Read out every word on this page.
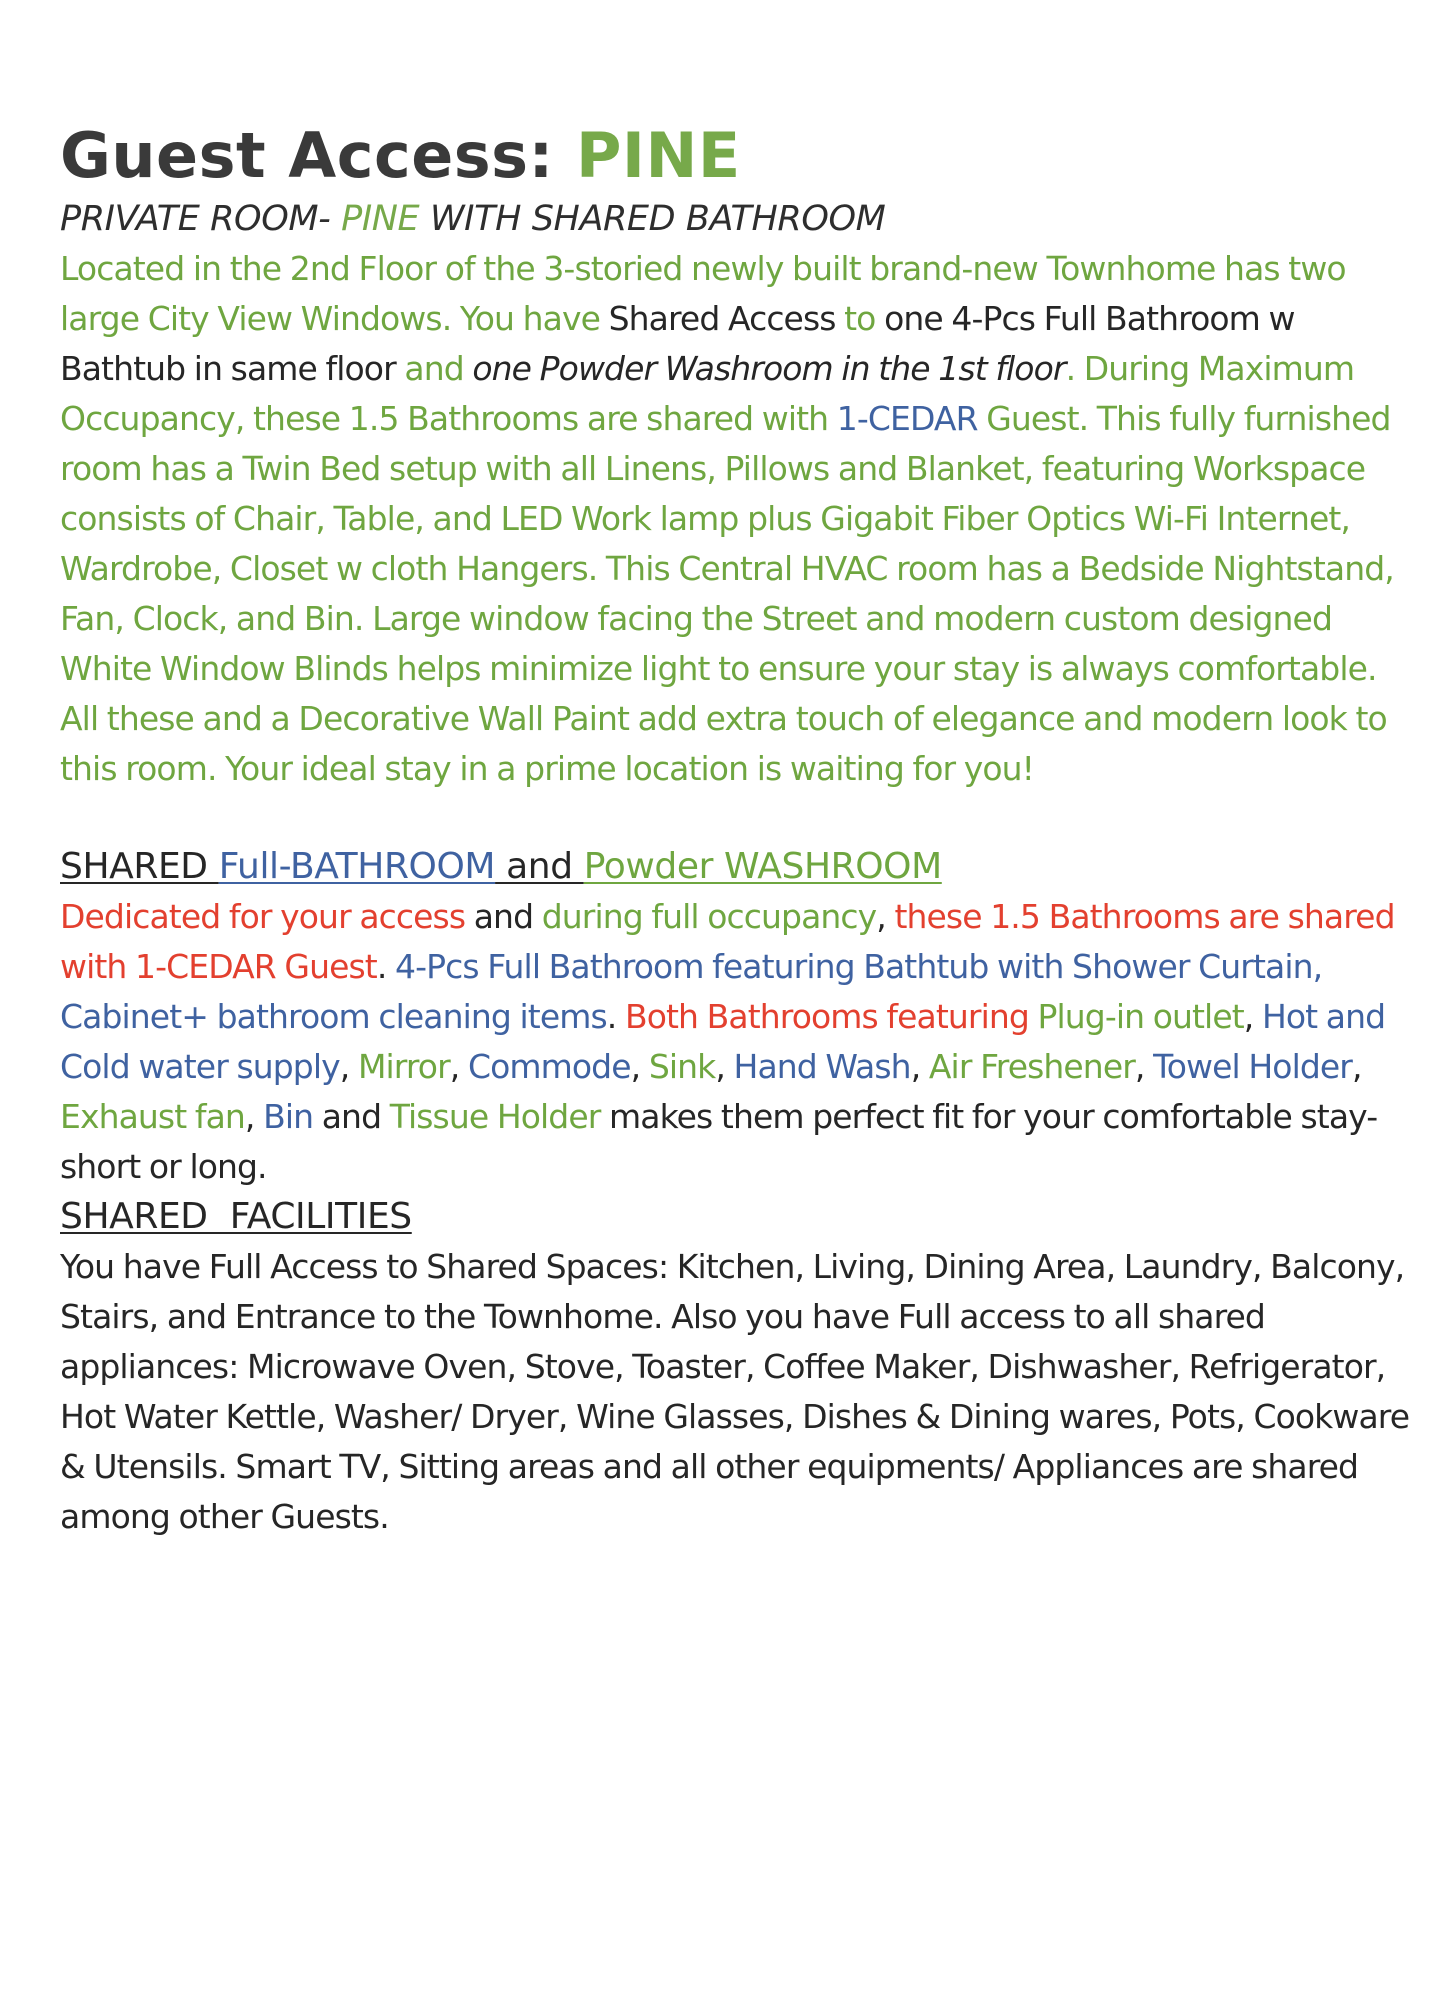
Guest Access: PINE

PRIVATE ROOM- PINE WITH SHARED BATHROOM

Located in the 2nd Floor of the 3-storied newly built brand-new Townhome has two large City View Windows. You have Shared Access to one 4-Pcs Full Bathroom w Bathtub in same floor and one Powder Washroom in the 1st floor. During Maximum Occupancy, these 1.5 Bathrooms are shared with 1-CEDAR Guest. This fully furnished room has a Twin Bed setup with all Linens, Pillows and Blanket, featuring Workspace consists of Chair, Table, and LED Work lamp plus Gigabit Fiber Optics Wi-Fi Internet, Wardrobe, Closet w cloth Hangers. This Central HVAC room has a Bedside Nightstand, Fan, Clock, and Bin. Large window facing the Street and modern custom designed White Window Blinds helps minimize light to ensure your stay is always comfortable. All these and a Decorative Wall Paint add extra touch of elegance and modern look to this room. Your ideal stay in a prime location is waiting for you!

SHARED Full-BATHROOM and Powder WASHROOM

Dedicated for your access and during full occupancy, these 1.5 Bathrooms are shared with 1-CEDAR Guest. 4-Pcs Full Bathroom featuring Bathtub with Shower Curtain, Cabinet+ bathroom cleaning items. Both Bathrooms featuring Plug-in outlet, Hot and Cold water supply, Mirror, Commode, Sink, Hand Wash, Air Freshener, Towel Holder, Exhaust fan, Bin and Tissue Holder makes them perfect fit for your comfortable stay- short or long.

SHARED  FACILITIES

You have Full Access to Shared Spaces: Kitchen, Living, Dining Area, Laundry, Balcony, Stairs, and Entrance to the Townhome. Also you have Full access to all shared appliances: Microwave Oven, Stove, Toaster, Coffee Maker, Dishwasher, Refrigerator, Hot Water Kettle, Washer/ Dryer, Wine Glasses, Dishes & Dining wares, Pots, Cookware & Utensils. Smart TV, Sitting areas and all other equipments/ Appliances are shared among other Guests.
